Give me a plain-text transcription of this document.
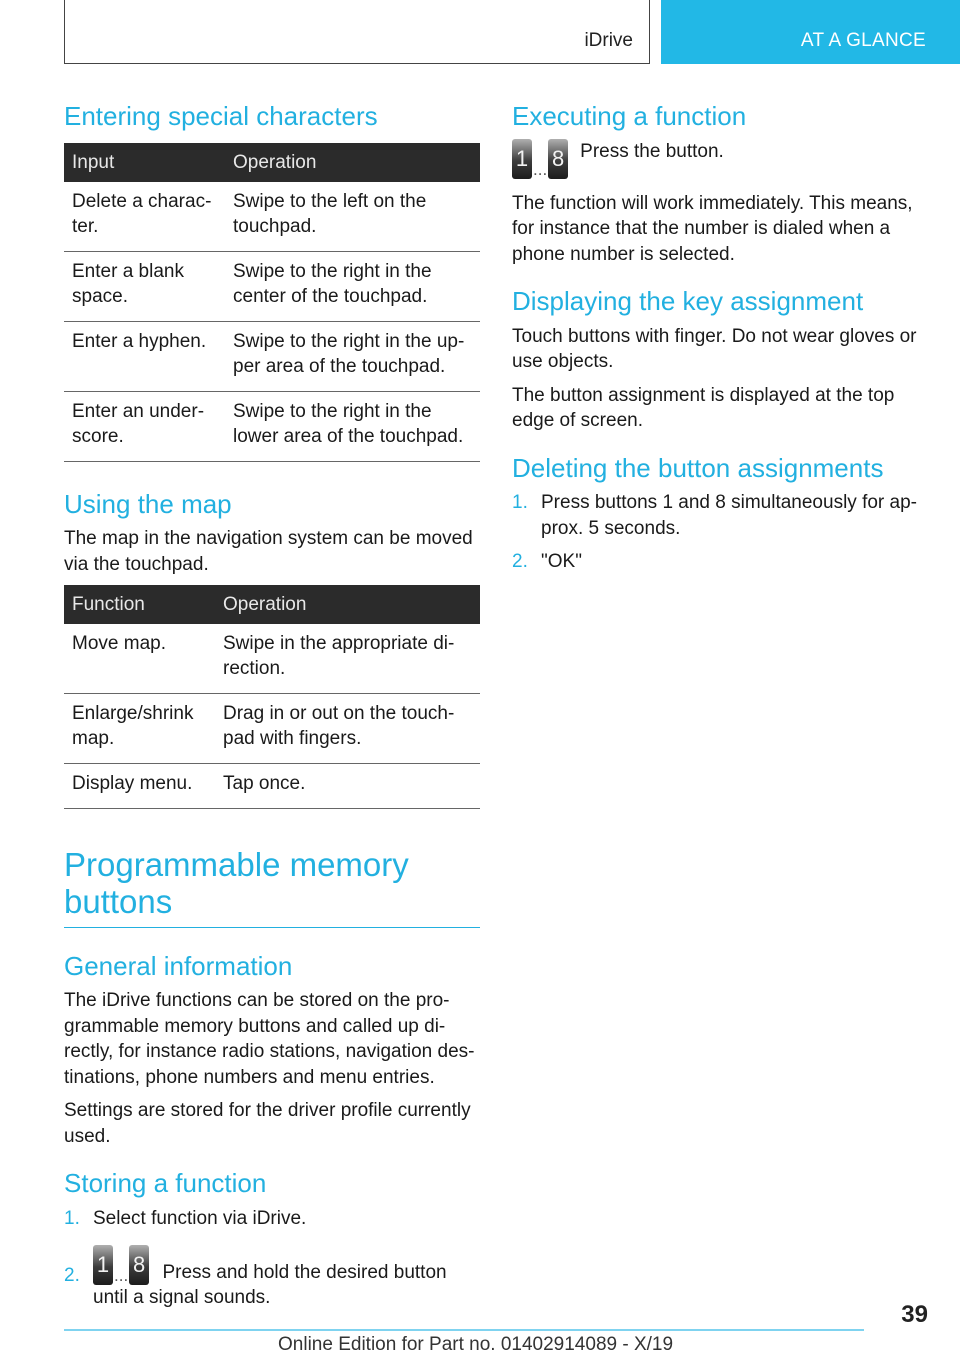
iDrive	AT A GLANCE
Entering special characters
Input	Operation
Delete a charac-
ter.	Swipe to the left on the
touchpad.
Enter a blank
space.	Swipe to the right in the
center of the touchpad.
Enter a hyphen.	Swipe to the right in the up-
per area of the touchpad.
Enter an under-
score.	Swipe to the right in the
lower area of the touchpad.
Using the map

The map in the navigation system can be moved via the touchpad.

Function	Operation
Move map.	Swipe in the appropriate di-
rection.
Enlarge/shrink
map.	Drag in or out on the touch-
pad with fingers.
Display menu.	Tap once.
Programmable memory buttons
General information

The iDrive functions can be stored on the pro-grammable memory buttons and called up di-rectly, for instance radio stations, navigation des-tinations, phone numbers and menu entries.

Settings are stored for the driver profile currently used.

Storing a function
1. Select function via iDrive.
2. 1 ... 8 Press and hold the desired button until a signal sounds.
Executing a function
1 ... 8 Press the button.

The function will work immediately. This means, for instance that the number is dialed when a phone number is selected.

Displaying the key assignment

Touch buttons with finger. Do not wear gloves or use objects.

The button assignment is displayed at the top edge of screen.

Deleting the button assignments
1. Press buttons 1 and 8 simultaneously for ap-prox. 5 seconds.
2. "OK"
39
Online Edition for Part no. 01402914089 - X/19
